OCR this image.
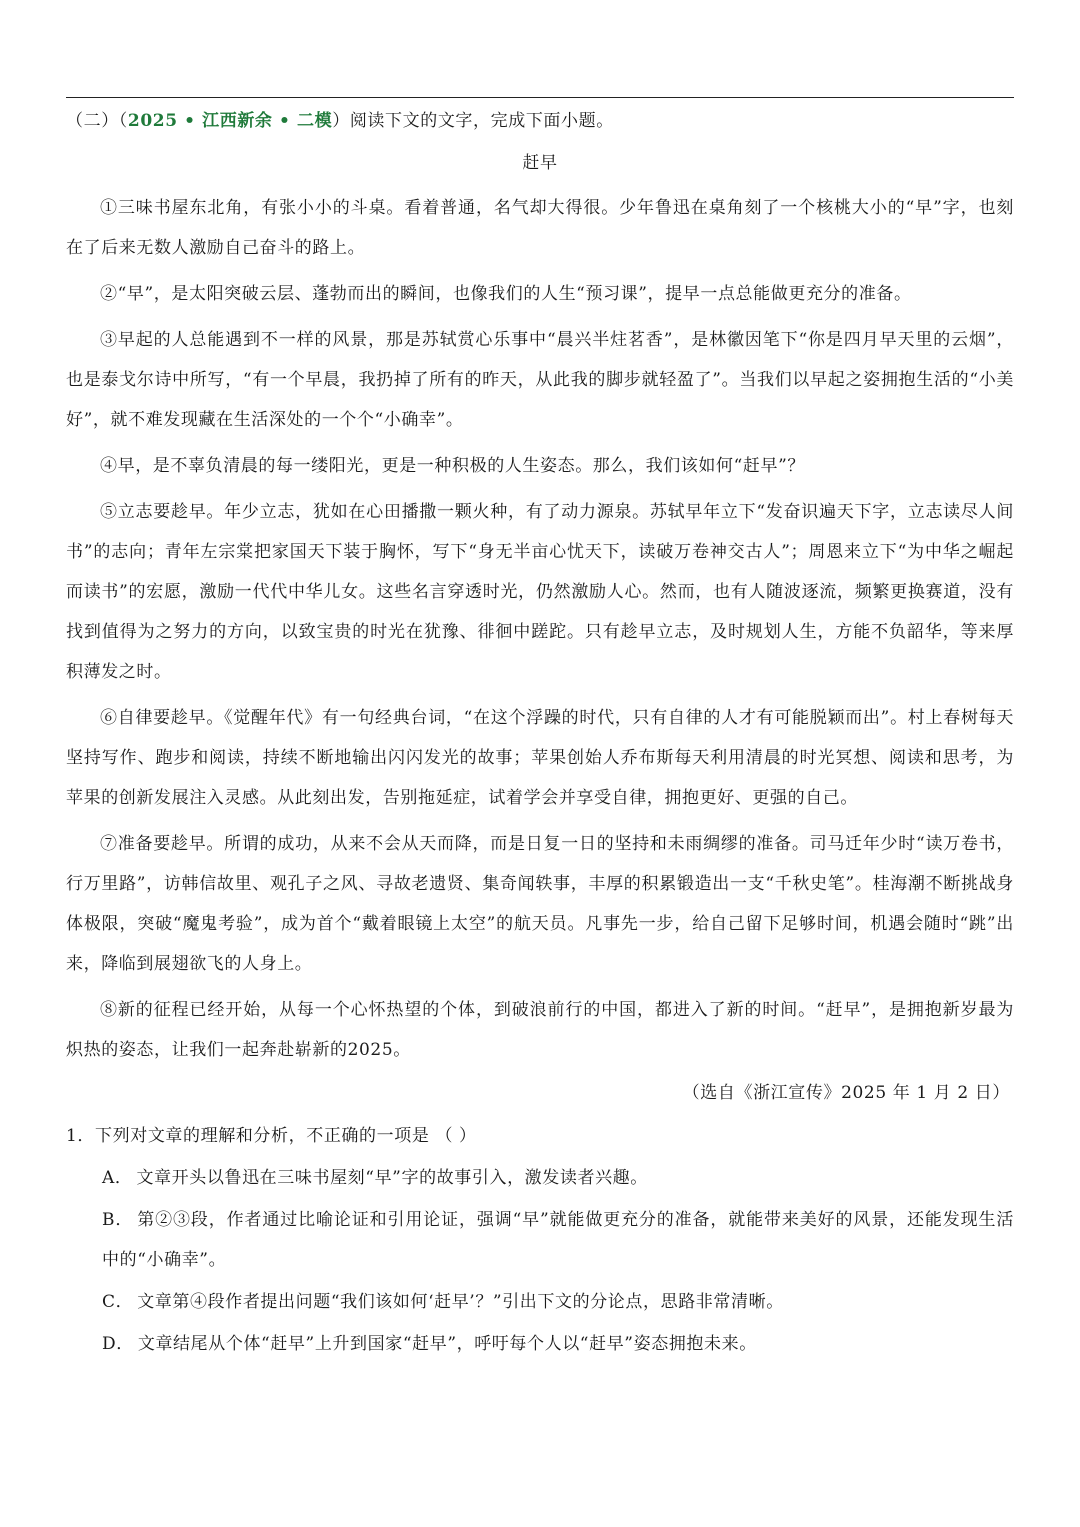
（二）（2025 • 江西新余 • 二模）阅读下文的文字，完成下面小题。
赶早

①三味书屋东北角，有张小小的斗桌。看着普通，名气却大得很。少年鲁迅在桌角刻了一个核桃大小的“早”字，也刻在了后来无数人激励自己奋斗的路上。

②“早”，是太阳突破云层、蓬勃而出的瞬间，也像我们的人生“预习课”，提早一点总能做更充分的准备。

③早起的人总能遇到不一样的风景，那是苏轼赏心乐事中“晨兴半炷茗香”，是林徽因笔下“你是四月早天里的云烟”，也是泰戈尔诗中所写，“有一个早晨，我扔掉了所有的昨天，从此我的脚步就轻盈了”。当我们以早起之姿拥抱生活的“小美好”，就不难发现藏在生活深处的一个个“小确幸”。

④早，是不辜负清晨的每一缕阳光，更是一种积极的人生姿态。那么，我们该如何“赶早”？

⑤立志要趁早。年少立志，犹如在心田播撒一颗火种，有了动力源泉。苏轼早年立下“发奋识遍天下字，立志读尽人间书”的志向；青年左宗棠把家国天下装于胸怀，写下“身无半亩心忧天下，读破万卷神交古人”；周恩来立下“为中华之崛起而读书”的宏愿，激励一代代中华儿女。这些名言穿透时光，仍然激励人心。然而，也有人随波逐流，频繁更换赛道，没有找到值得为之努力的方向，以致宝贵的时光在犹豫、徘徊中蹉跎。只有趁早立志，及时规划人生，方能不负韶华，等来厚积薄发之时。

⑥自律要趁早。《觉醒年代》有一句经典台词，“在这个浮躁的时代，只有自律的人才有可能脱颖而出”。村上春树每天坚持写作、跑步和阅读，持续不断地输出闪闪发光的故事；苹果创始人乔布斯每天利用清晨的时光冥想、阅读和思考，为苹果的创新发展注入灵感。从此刻出发，告别拖延症，试着学会并享受自律，拥抱更好、更强的自己。

⑦准备要趁早。所谓的成功，从来不会从天而降，而是日复一日的坚持和未雨绸缪的准备。司马迁年少时“读万卷书，行万里路”，访韩信故里、观孔子之风、寻故老遗贤、集奇闻轶事，丰厚的积累锻造出一支“千秋史笔”。桂海潮不断挑战身体极限，突破“魔鬼考验”，成为首个“戴着眼镜上太空”的航天员。凡事先一步，给自己留下足够时间，机遇会随时“跳”出来，降临到展翅欲飞的人身上。

⑧新的征程已经开始，从每一个心怀热望的个体，到破浪前行的中国，都进入了新的时间。“赶早”，是拥抱新岁最为炽热的姿态，让我们一起奔赴崭新的2025。

（选自《浙江宣传》2025 年 1 月 2 日）
1．下列对文章的理解和分析，不正确的一项是 （ ）
A． 文章开头以鲁迅在三味书屋刻“早”字的故事引入，激发读者兴趣。
B． 第②③段，作者通过比喻论证和引用论证，强调“早”就能做更充分的准备，就能带来美好的风景，还能发现生活中的“小确幸”。
C． 文章第④段作者提出问题“我们该如何‘赶早’？”引出下文的分论点，思路非常清晰。
D． 文章结尾从个体“赶早”上升到国家“赶早”，呼吁每个人以“赶早”姿态拥抱未来。
